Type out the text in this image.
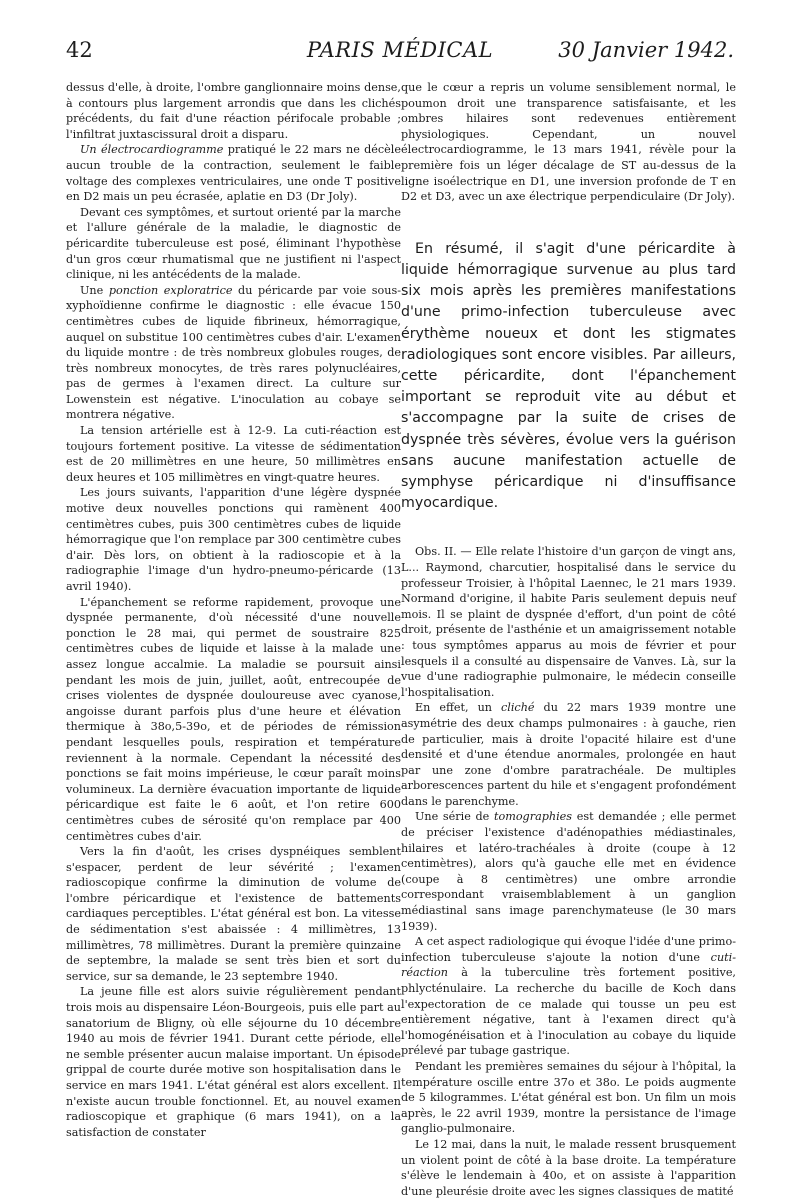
42	PARIS MÉDICAL	30 Janvier 1942.

dessus d'elle, à droite, l'ombre ganglionnaire moins dense, à contours plus largement arrondis que dans les clichés précédents, du fait d'une réaction périfocale probable ; l'infiltrat juxtascissural droit a disparu.

Un électrocardiogramme pratiqué le 22 mars ne décèle aucun trouble de la contraction, seulement le faible voltage des complexes ventriculaires, une onde T positive en D2 mais un peu écrasée, aplatie en D3 (Dr Joly).

Devant ces symptômes, et surtout orienté par la marche et l'allure générale de la maladie, le diagnostic de péricardite tuberculeuse est posé, éliminant l'hypothèse d'un gros cœur rhumatismal que ne justifient ni l'aspect clinique, ni les antécédents de la malade.

Une ponction exploratrice du péricarde par voie sous-xyphoïdienne confirme le diagnostic : elle évacue 150 centimètres cubes de liquide fibrineux, hémorragique, auquel on substitue 100 centimètres cubes d'air. L'examen du liquide montre : de très nombreux globules rouges, de très nombreux monocytes, de très rares polynucléaires, pas de germes à l'examen direct. La culture sur Lowenstein est négative. L'inoculation au cobaye se montrera négative.

La tension artérielle est à 12-9. La cuti-réaction est toujours fortement positive. La vitesse de sédimentation est de 20 millimètres en une heure, 50 millimètres en deux heures et 105 millimètres en vingt-quatre heures.

Les jours suivants, l'apparition d'une légère dyspnée motive deux nouvelles ponctions qui ramènent 400 centimètres cubes, puis 300 centimètres cubes de liquide hémorragique que l'on remplace par 300 centimètre cubes d'air. Dès lors, on obtient à la radioscopie et à la radiographie l'image d'un hydro-pneumo-péricarde (13 avril 1940).

L'épanchement se reforme rapidement, provoque une dyspnée permanente, d'où nécessité d'une nouvelle ponction le 28 mai, qui permet de soustraire 825 centimètres cubes de liquide et laisse à la malade une assez longue accalmie. La maladie se poursuit ainsi pendant les mois de juin, juillet, août, entrecoupée de crises violentes de dyspnée douloureuse avec cyanose, angoisse durant parfois plus d'une heure et élévation thermique à 38o,5-39o, et de périodes de rémission pendant lesquelles pouls, respiration et température reviennent à la normale. Cependant la nécessité des ponctions se fait moins impérieuse, le cœur paraît moins volumineux. La dernière évacuation importante de liquide péricardique est faite le 6 août, et l'on retire 600 centimètres cubes de sérosité qu'on remplace par 400 centimètres cubes d'air.

Vers la fin d'août, les crises dyspnéiques semblent s'espacer, perdent de leur sévérité ; l'examen radioscopique confirme la diminution de volume de l'ombre péricardique et l'existence de battements cardiaques perceptibles. L'état général est bon. La vitesse de sédimentation s'est abaissée : 4 millimètres, 13 millimètres, 78 millimètres. Durant la première quinzaine de septembre, la malade se sent très bien et sort du service, sur sa demande, le 23 septembre 1940.

La jeune fille est alors suivie régulièrement pendant trois mois au dispensaire Léon-Bourgeois, puis elle part au sanatorium de Bligny, où elle séjourne du 10 décembre 1940 au mois de février 1941. Durant cette période, elle ne semble présenter aucun malaise important. Un épisode grippal de courte durée motive son hospitalisation dans le service en mars 1941. L'état général est alors excellent. Il n'existe aucun trouble fonctionnel. Et, au nouvel examen radioscopique et graphique (6 mars 1941), on a la satisfaction de constater

que le cœur a repris un volume sensiblement normal, le poumon droit une transparence satisfaisante, et les ombres hilaires sont redevenues entièrement physiologiques. Cependant, un nouvel électrocardiogramme, le 13 mars 1941, révèle pour la première fois un léger décalage de ST au-dessus de la ligne isoélectrique en D1, une inversion profonde de T en D2 et D3, avec un axe électrique perpendiculaire (Dr Joly).

En résumé, il s'agit d'une péricardite à liquide hémorragique survenue au plus tard six mois après les premières manifestations d'une primo-infection tuberculeuse avec érythème noueux et dont les stigmates radiologiques sont encore visibles. Par ailleurs, cette péricardite, dont l'épanchement important se reproduit vite au début et s'accompagne par la suite de crises de dyspnée très sévères, évolue vers la guérison sans aucune manifestation actuelle de symphyse péricardique ni d'insuffisance myocardique.

Obs. II. — Elle relate l'histoire d'un garçon de vingt ans, L... Raymond, charcutier, hospitalisé dans le service du professeur Troisier, à l'hôpital Laennec, le 21 mars 1939. Normand d'origine, il habite Paris seulement depuis neuf mois. Il se plaint de dyspnée d'effort, d'un point de côté droit, présente de l'asthénie et un amaigrissement notable : tous symptômes apparus au mois de février et pour lesquels il a consulté au dispensaire de Vanves. Là, sur la vue d'une radiographie pulmonaire, le médecin conseille l'hospitalisation.

En effet, un cliché du 22 mars 1939 montre une asymétrie des deux champs pulmonaires : à gauche, rien de particulier, mais à droite l'opacité hilaire est d'une densité et d'une étendue anormales, prolongée en haut par une zone d'ombre paratrachéale. De multiples arborescences partent du hile et s'engagent profondément dans le parenchyme.

Une série de tomographies est demandée ; elle permet de préciser l'existence d'adénopathies médiastinales, hilaires et latéro-trachéales à droite (coupe à 12 centimètres), alors qu'à gauche elle met en évidence (coupe à 8 centimètres) une ombre arrondie correspondant vraisemblablement à un ganglion médiastinal sans image parenchymateuse (le 30 mars 1939).

A cet aspect radiologique qui évoque l'idée d'une primo-infection tuberculeuse s'ajoute la notion d'une cuti-réaction à la tuberculine très fortement positive, phlycténulaire. La recherche du bacille de Koch dans l'expectoration de ce malade qui tousse un peu est entièrement négative, tant à l'examen direct qu'à l'homogénéisation et à l'inoculation au cobaye du liquide prélevé par tubage gastrique.

Pendant les premières semaines du séjour à l'hôpital, la température oscille entre 37o et 38o. Le poids augmente de 5 kilogrammes. L'état général est bon. Un film un mois après, le 22 avril 1939, montre la persistance de l'image ganglio-pulmonaire.

Le 12 mai, dans la nuit, le malade ressent brusquement un violent point de côté à la base droite. La température s'élève le lendemain à 40o, et on assiste à l'apparition d'une pleurésie droite avec les signes classiques de matité
